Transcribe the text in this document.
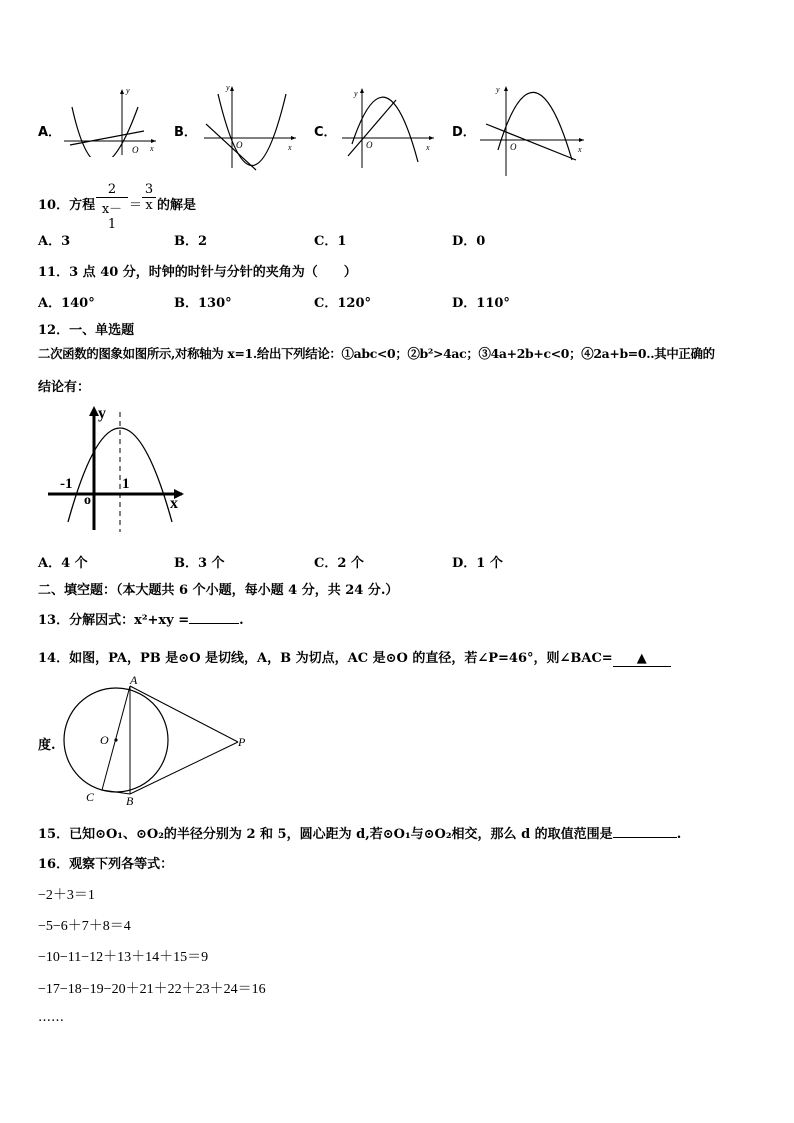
A．
y
x
O
B．
y
x
O
C．
y
x
O
D．
y
x
O
10．方程 $\frac{2}{x-1} = \frac{3}{x}$ 的解是
A．3	B．2	C．1	D．0
11．3 点 40 分，时钟的时针与分针的夹角为（　　）
A．140°	B．130°	C．120°	D．110°
12．一、单选题
二次函数的图象如图所示,对称轴为 x=1.给出下列结论：①abc<0；②b²>4ac；③4a+2b+c<0；④2a+b=0..其中正确的
结论有：
y
x
o
-1	1
A．4 个	B．3 个	C．2 个	D．1 个
二、填空题：（本大题共 6 个小题，每小题 4 分，共 24 分.）
13．分解因式：x²+xy =	.
14．如图，PA，PB 是⊙O 是切线，A，B 为切点，AC 是⊙O 的直径，若∠P=46°，则∠BAC= ▲
度.
A
O	P
C	B
15．已知⊙O₁、⊙O₂的半径分别为 2 和 5，圆心距为 d,若⊙O₁与⊙O₂相交，那么 d 的取值范围是	.
16．观察下列各等式：
−2＋3＝1
−5−6＋7＋8＝4
−10−11−12＋13＋14＋15＝9
−17−18−19−20＋21＋22＋23＋24＝16
……
